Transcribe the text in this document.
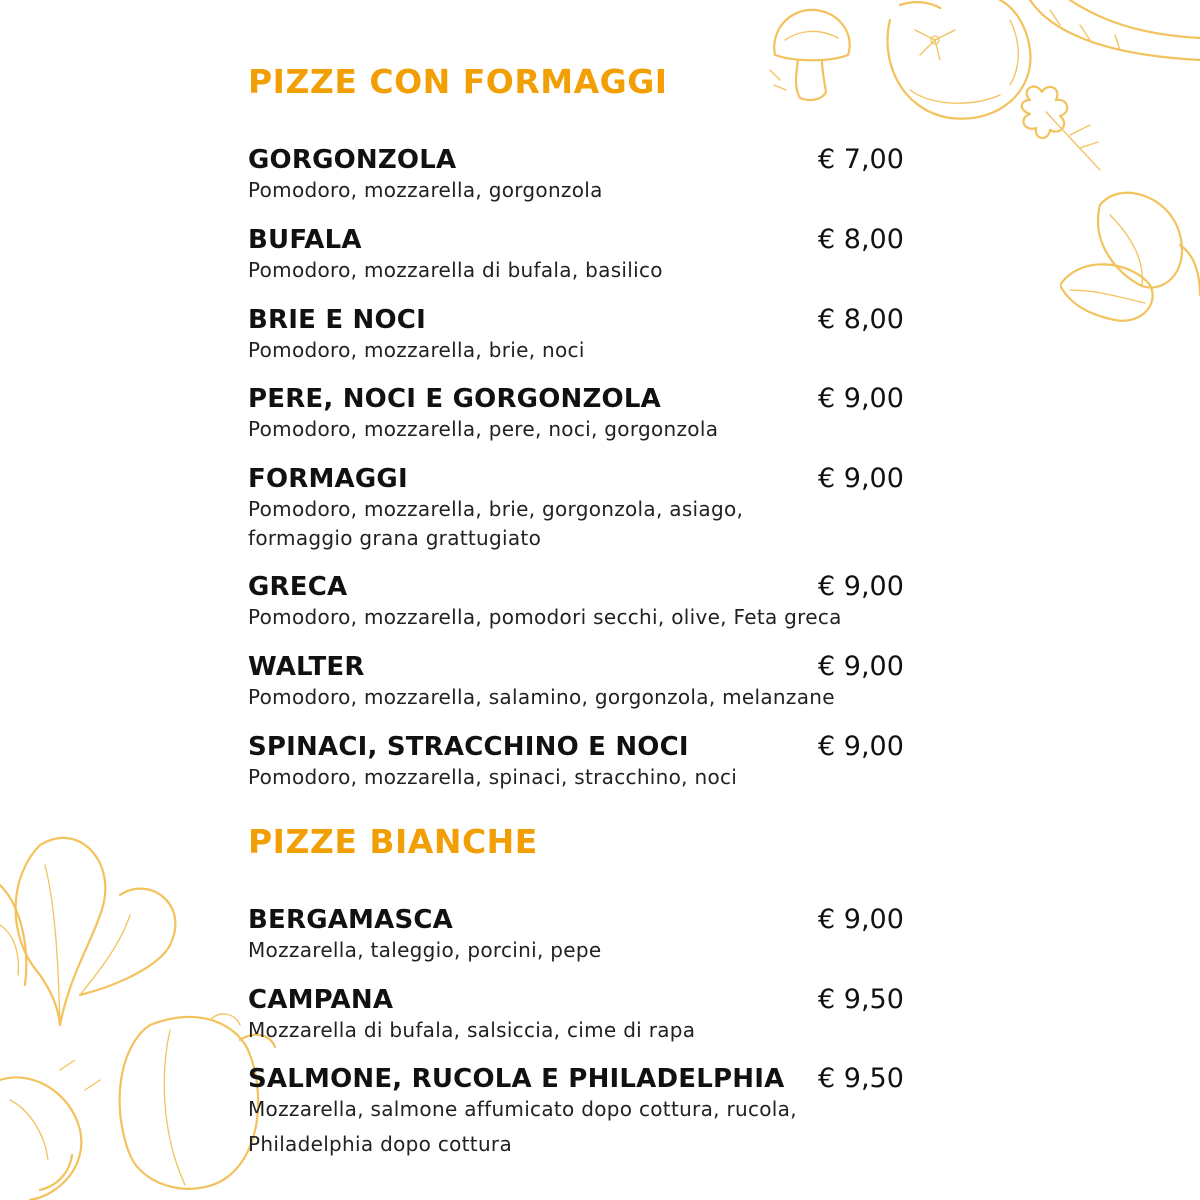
PIZZE CON FORMAGGI
GORGONZOLA	€ 7,00
Pomodoro, mozzarella, gorgonzola
BUFALA	€ 8,00
Pomodoro, mozzarella di bufala, basilico
BRIE E NOCI	€ 8,00
Pomodoro, mozzarella, brie, noci
PERE, NOCI E GORGONZOLA	€ 9,00
Pomodoro, mozzarella, pere, noci, gorgonzola
FORMAGGI	€ 9,00
Pomodoro, mozzarella, brie, gorgonzola, asiago,
formaggio grana grattugiato
GRECA	€ 9,00
Pomodoro, mozzarella, pomodori secchi, olive, Feta greca
WALTER	€ 9,00
Pomodoro, mozzarella, salamino, gorgonzola, melanzane
SPINACI, STRACCHINO E NOCI	€ 9,00
Pomodoro, mozzarella, spinaci, stracchino, noci
PIZZE BIANCHE
BERGAMASCA	€ 9,00
Mozzarella, taleggio, porcini, pepe
CAMPANA	€ 9,50
Mozzarella di bufala, salsiccia, cime di rapa
SALMONE, RUCOLA E PHILADELPHIA € 9,50
Mozzarella, salmone affumicato dopo cottura, rucola,
Philadelphia dopo cottura
